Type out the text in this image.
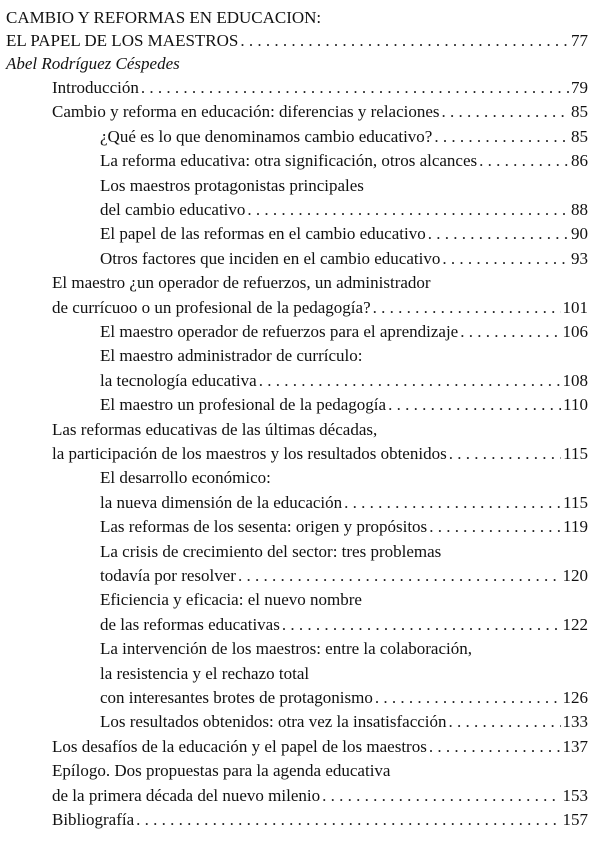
CAMBIO Y REFORMAS EN EDUCACION:
EL PAPEL DE LOS MAESTROS . . .	77
Abel Rodríguez Céspedes
Introducción . . .	79
Cambio y reforma en educación: diferencias y relaciones . . .	85
¿Qué es lo que denominamos cambio educativo? . . .	85
La reforma educativa: otra significación, otros alcances . . .	86
Los maestros protagonistas principales
del cambio educativo . . .	88
El papel de las reformas en el cambio educativo . . .	90
Otros factores que inciden en el cambio educativo . . .	93
El maestro ¿un operador de refuerzos, un administrador
de currícuoo o un profesional de la pedagogía? . . .	101
El maestro operador de refuerzos para el aprendizaje . . .	106
El maestro administrador de currículo:
la tecnología educativa . . .	108
El maestro un profesional de la pedagogía . . .	110
Las reformas educativas de las últimas décadas,
la participación de los maestros y los resultados obtenidos . . .	115
El desarrollo económico:
la nueva dimensión de la educación . . .	115
Las reformas de los sesenta: origen y propósitos . . .	119
La crisis de crecimiento del sector: tres problemas
todavía por resolver . . .	120
Eficiencia y eficacia: el nuevo nombre
de las reformas educativas . . .	122
La intervención de los maestros: entre la colaboración,
la resistencia y el rechazo total
con interesantes brotes de protagonismo . . .	126
Los resultados obtenidos: otra vez la insatisfacción . . .	133
Los desafíos de la educación y el papel de los maestros . . .	137
Epílogo. Dos propuestas para la agenda educativa
de la primera década del nuevo milenio . . .	153
Bibliografía . . .	157
